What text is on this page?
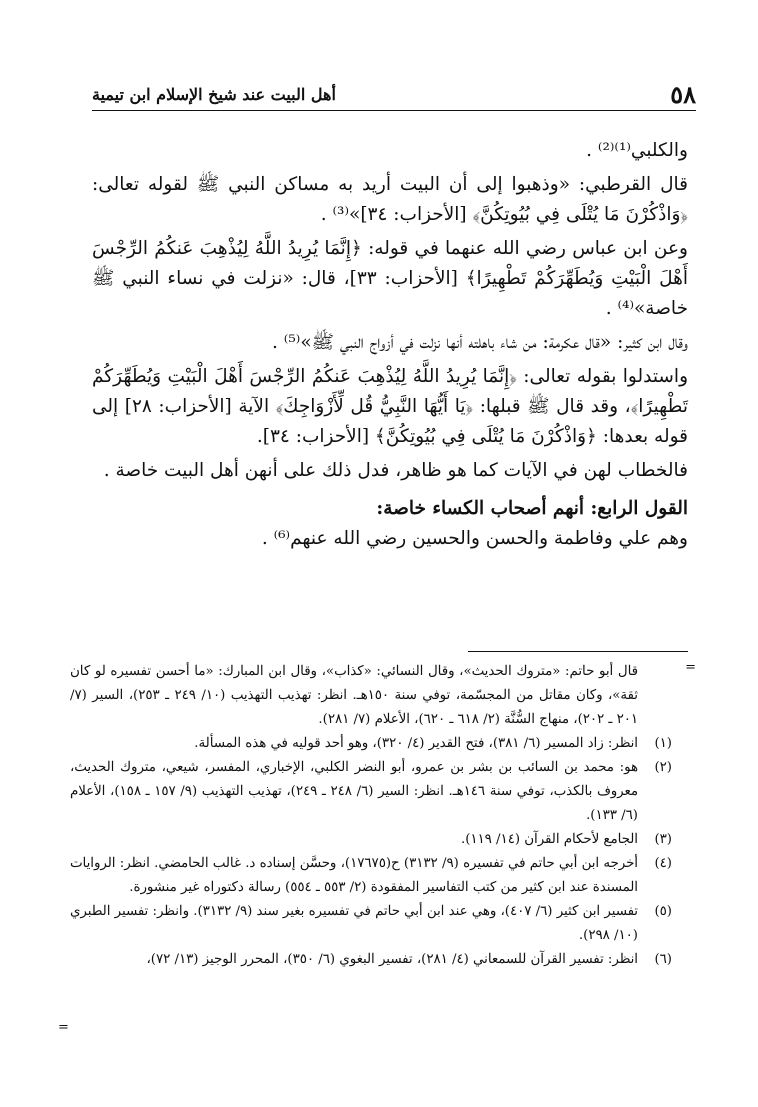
٥٨
أهل البيت عند شيخ الإسلام ابن تيمية

والكلبي⁽¹⁾⁽²⁾ .

قال القرطبي: «وذهبوا إلى أن البيت أريد به مساكن النبي ﷺ لقوله تعالى: ﴿وَاذْكُرْنَ مَا يُتْلَى فِي بُيُوتِكُنَّ﴾ [الأحزاب: ٣٤]»⁽³⁾ .

وعن ابن عباس رضي الله عنهما في قوله: ﴿إِنَّمَا يُرِيدُ اللَّهُ لِيُذْهِبَ عَنكُمُ الرِّجْسَ أَهْلَ الْبَيْتِ وَيُطَهِّرَكُمْ تَطْهِيرًا﴾ [الأحزاب: ٣٣]، قال: «نزلت في نساء النبي ﷺ خاصة»⁽⁴⁾ .

وقال ابن كثير: «قال عكرمة: من شاء باهلته أنها نزلت في أزواج النبي ﷺ»⁽⁵⁾ .

واستدلوا بقوله تعالى: ﴿إِنَّمَا يُرِيدُ اللَّهُ لِيُذْهِبَ عَنكُمُ الرِّجْسَ أَهْلَ الْبَيْتِ وَيُطَهِّرَكُمْ تَطْهِيرًا﴾، وقد قال ﷺ قبلها: ﴿يَا أَيُّهَا النَّبِيُّ قُل لِّأَزْوَاجِكَ﴾ الآية [الأحزاب: ٢٨] إلى قوله بعدها: ﴿وَاذْكُرْنَ مَا يُتْلَى فِي بُيُوتِكُنَّ﴾ [الأحزاب: ٣٤].

فالخطاب لهن في الآيات كما هو ظاهر، فدل ذلك على أنهن أهل البيت خاصة .

القول الرابع: أنهم أصحاب الكساء خاصة:

وهم علي وفاطمة والحسن والحسين رضي الله عنهم⁽⁶⁾ .

=
قال أبو حاتم: «متروك الحديث»، وقال النسائي: «كذاب»، وقال ابن المبارك: «ما أحسن تفسيره لو كان ثقة»، وكان مقاتل من المجسّمة، توفي سنة ١٥٠هـ. انظر: تهذيب التهذيب (١٠/ ٢٤٩ ـ ٢٥٣)، السير (٧/ ٢٠١ ـ ٢٠٢)، منهاج السُّنَّة (٢/ ٦١٨ ـ ٦٢٠)، الأعلام (٧/ ٢٨١).
(١)
انظر: زاد المسير (٦/ ٣٨١)، فتح القدير (٤/ ٣٢٠)، وهو أحد قوليه في هذه المسألة.
(٢)
هو: محمد بن السائب بن بشر بن عمرو، أبو النضر الكلبي، الإخباري، المفسر، شيعي، متروك الحديث، معروف بالكذب، توفي سنة ١٤٦هـ. انظر: السير (٦/ ٢٤٨ ـ ٢٤٩)، تهذيب التهذيب (٩/ ١٥٧ ـ ١٥٨)، الأعلام (٦/ ١٣٣).
(٣)
الجامع لأحكام القرآن (١٤/ ١١٩).
(٤)
أخرجه ابن أبي حاتم في تفسيره (٩/ ٣١٣٢) ح(١٧٦٧٥)، وحسَّن إسناده د. غالب الحامضي. انظر: الروايات المسندة عند ابن كثير من كتب التفاسير المفقودة (٢/ ٥٥٣ ـ ٥٥٤) رسالة دكتوراه غير منشورة.
(٥)
تفسير ابن كثير (٦/ ٤٠٧)، وهي عند ابن أبي حاتم في تفسيره بغير سند (٩/ ٣١٣٢). وانظر: تفسير الطبري (١٠/ ٢٩٨).
(٦)
انظر: تفسير القرآن للسمعاني (٤/ ٢٨١)، تفسير البغوي (٦/ ٣٥٠)، المحرر الوجيز (١٣/ ٧٢)،
=
